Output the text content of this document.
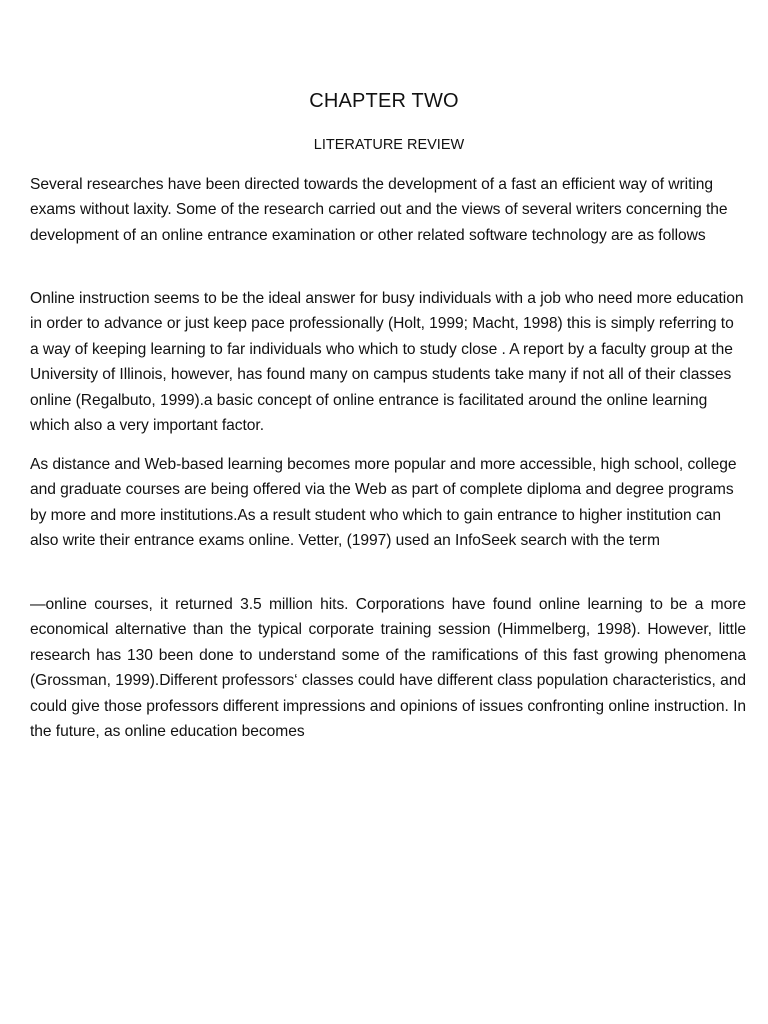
CHAPTER TWO
LITERATURE REVIEW

Several researches have been directed towards the development of a fast an efficient way of writing exams without laxity. Some of the research carried out and the views of several writers concerning the development of an online entrance examination or other related software technology are as follows

Online instruction seems to be the ideal answer for busy individuals with a job who need more education in order to advance or just keep pace professionally (Holt, 1999; Macht, 1998) this is simply referring to a way of keeping learning to far individuals who which to study close . A report by a faculty group at the University of Illinois, however, has found many on campus students take many if not all of their classes online (Regalbuto, 1999).a basic concept of online entrance is facilitated around the online learning which also a very important factor.

As distance and Web-based learning becomes more popular and more accessible, high school, college and graduate courses are being offered via the Web as part of complete diploma and degree programs by more and more institutions.As a result student who which to gain entrance to higher institution can also write their entrance exams online. Vetter, (1997) used an InfoSeek search with the term

—online courses, it returned 3.5 million hits. Corporations have found online learning to be a more economical alternative than the typical corporate training session (Himmelberg, 1998). However, little research has 130 been done to understand some of the ramifications of this fast growing phenomena (Grossman, 1999).Different professors‘ classes could have different class population characteristics, and could give those professors different impressions and opinions of issues confronting online instruction. In the future, as online education becomes
